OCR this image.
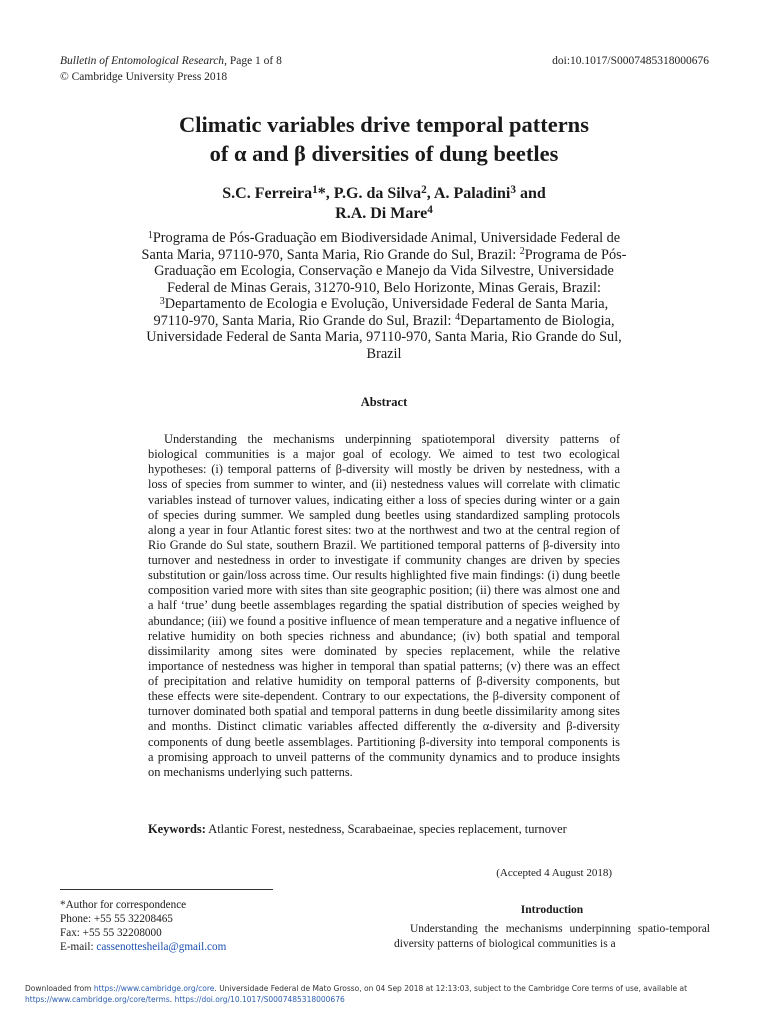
Bulletin of Entomological Research, Page 1 of 8
© Cambridge University Press 2018
doi:10.1017/S0007485318000676
Climatic variables drive temporal patterns
of α and β diversities of dung beetles
S.C. Ferreira$^1$*, P.G. da Silva$^2$, A. Paladini$^3$ and
R.A. Di Mare$^4$
$^1$Programa de Pós-Graduação em Biodiversidade Animal, Universidade Federal de Santa Maria, 97110-970, Santa Maria, Rio Grande do Sul, Brazil: $^2$Programa de Pós-Graduação em Ecologia, Conservação e Manejo da Vida Silvestre, Universidade Federal de Minas Gerais, 31270-910, Belo Horizonte, Minas Gerais, Brazil: $^3$Departamento de Ecologia e Evolução, Universidade Federal de Santa Maria, 97110-970, Santa Maria, Rio Grande do Sul, Brazil: $^4$Departamento de Biologia, Universidade Federal de Santa Maria, 97110-970, Santa Maria, Rio Grande do Sul, Brazil
Abstract
Understanding the mechanisms underpinning spatiotemporal diversity patterns of biological communities is a major goal of ecology. We aimed to test two ecological hypotheses: (i) temporal patterns of β-diversity will mostly be driven by nestedness, with a loss of species from summer to winter, and (ii) nestedness values will correlate with climatic variables instead of turnover values, indicating either a loss of species during winter or a gain of species during summer. We sampled dung beetles using standardized sampling protocols along a year in four Atlantic forest sites: two at the northwest and two at the central region of Rio Grande do Sul state, southern Brazil. We partitioned temporal patterns of β-diversity into turnover and nestedness in order to investigate if community changes are driven by species substitution or gain/loss across time. Our results highlighted five main findings: (i) dung beetle composition varied more with sites than site geographic position; (ii) there was almost one and a half ‘true’ dung beetle assemblages regarding the spatial distribution of species weighed by abundance; (iii) we found a positive influence of mean temperature and a negative influence of relative humidity on both species richness and abundance; (iv) both spatial and temporal dissimilarity among sites were dominated by species replacement, while the relative importance of nestedness was higher in temporal than spatial patterns; (v) there was an effect of precipitation and relative humidity on temporal patterns of β-diversity components, but these effects were site-dependent. Contrary to our expectations, the β-diversity component of turnover dominated both spatial and temporal patterns in dung beetle dissimilarity among sites and months. Distinct climatic variables affected differently the α-diversity and β-diversity components of dung beetle assemblages. Partitioning β-diversity into temporal components is a promising approach to unveil patterns of the community dynamics and to produce insights on mechanisms underlying such patterns.
Keywords: Atlantic Forest, nestedness, Scarabaeinae, species replacement, turnover
(Accepted 4 August 2018)
*Author for correspondence
Phone: +55 55 32208465
Fax: +55 55 32208000
E-mail: cassenottesheila@gmail.com
Introduction
Understanding the mechanisms underpinning spatio-temporal diversity patterns of biological communities is a
Downloaded from https://www.cambridge.org/core. Universidade Federal de Mato Grosso, on 04 Sep 2018 at 12:13:03, subject to the Cambridge Core terms of use, available at
https://www.cambridge.org/core/terms. https://doi.org/10.1017/S0007485318000676
